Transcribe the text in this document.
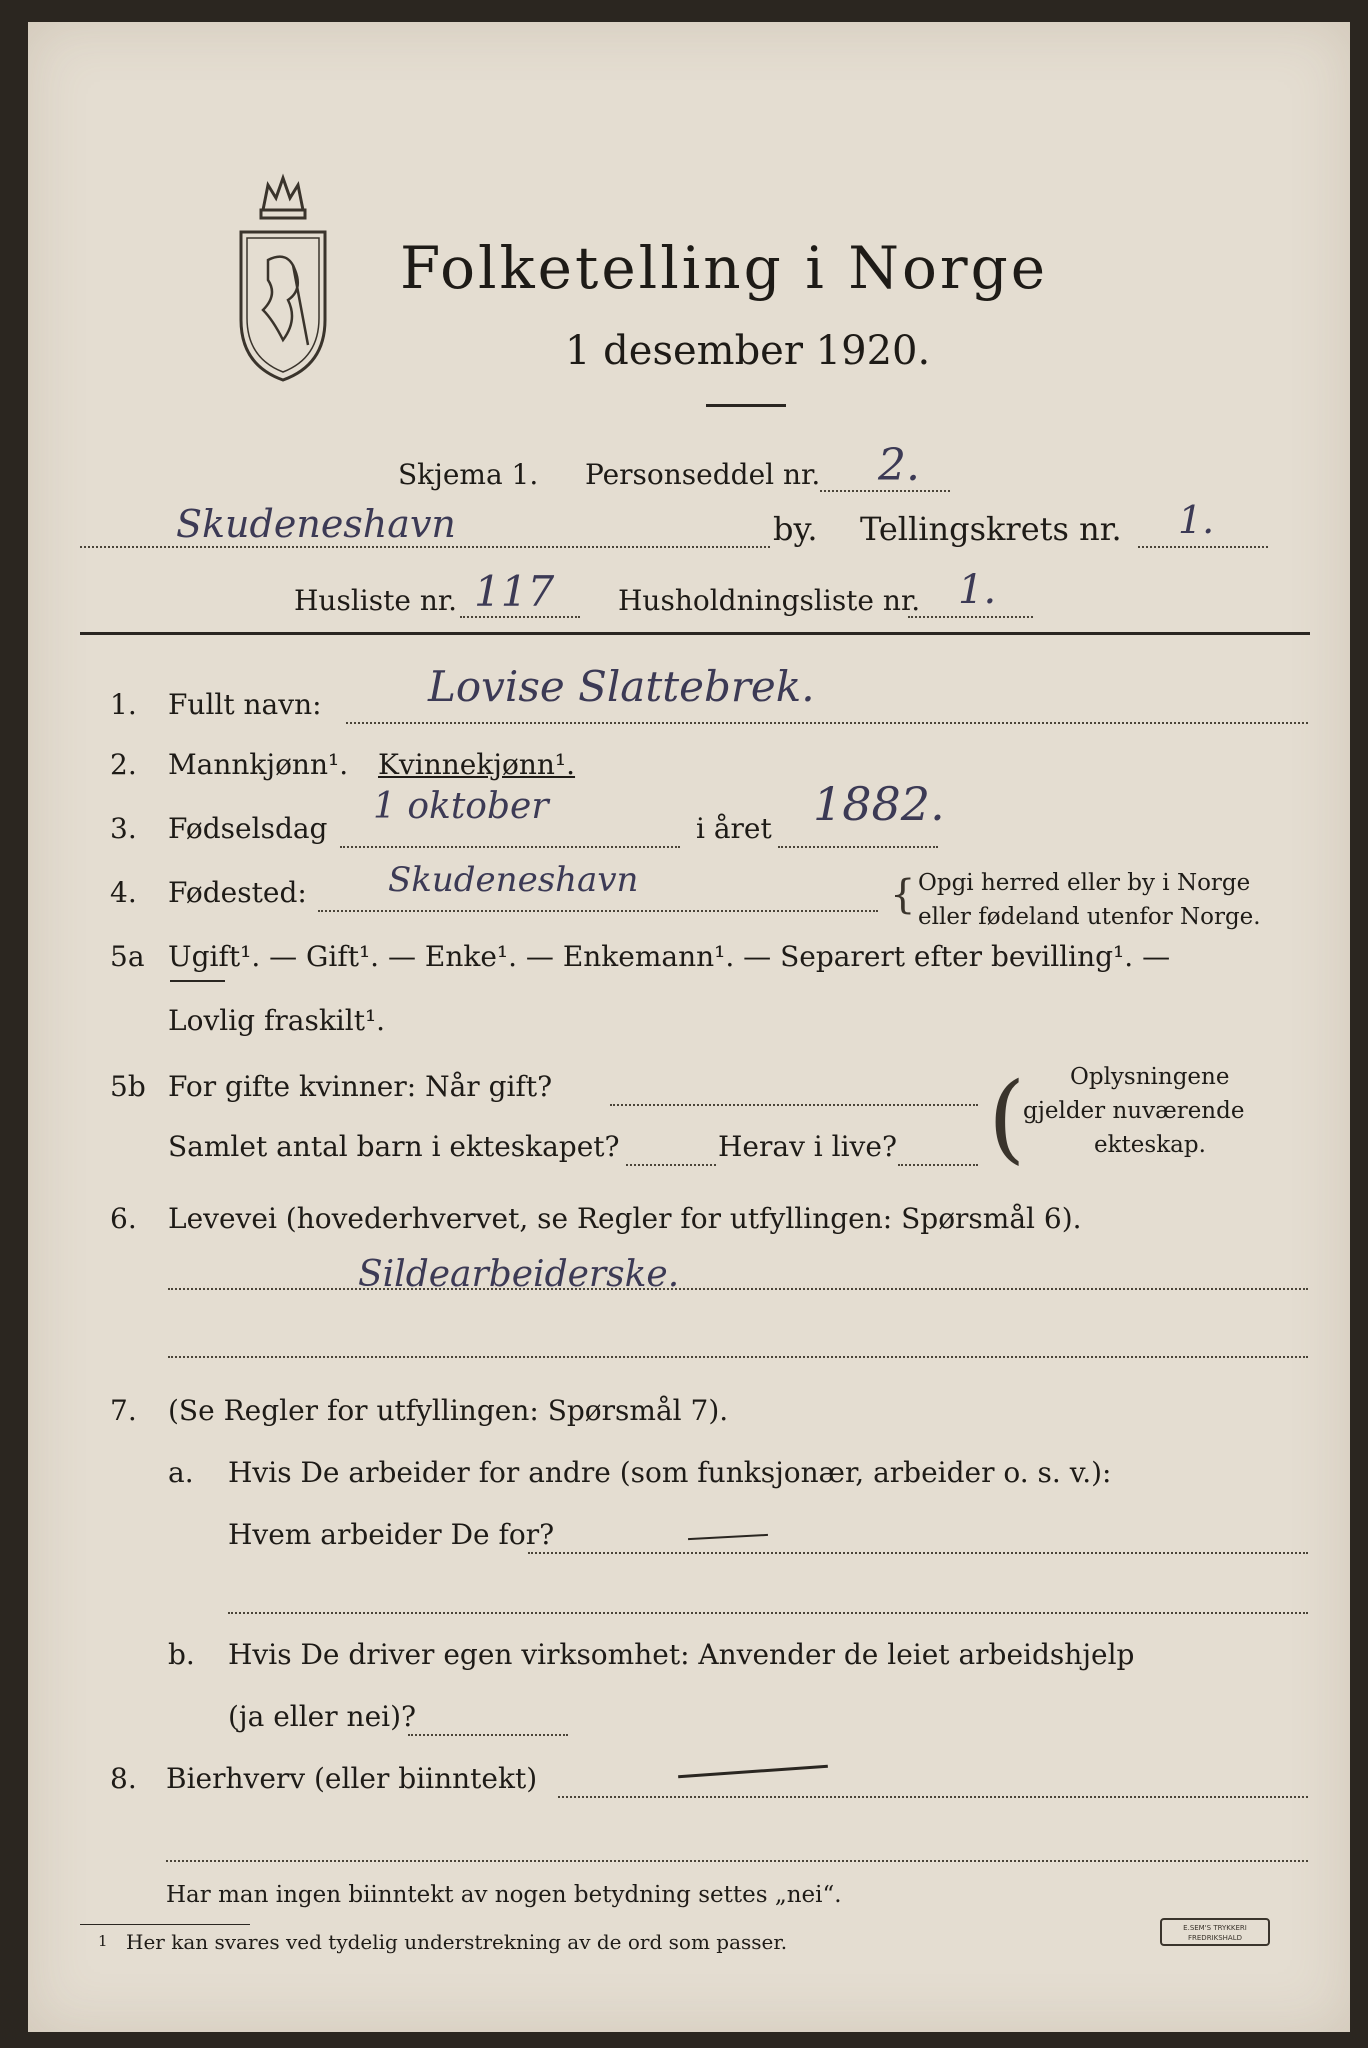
Folketelling i Norge
1 desember 1920.
Skjema 1. Personseddel nr. 2.
Skudeneshavn	by. Tellingskrets nr. 1.
Husliste nr. 117 Husholdningsliste nr. 1.
1. Fullt navn:	Lovise Slattebrek.
2. Mannkjønn¹. Kvinnekjønn¹.
3. Fødselsdag
1 oktober
i året 1882.
4. Fødested: Skudeneshavn	{ Opgi herred eller by i Norge
eller fødeland utenfor Norge.
5a Ugift¹. — Gift¹. — Enke¹. — Enkemann¹. — Separert efter bevilling¹. —
Lovlig fraskilt¹.
5b For gifte kvinner: Når gift?
Samlet antal barn i ekteskapet?	Herav i live? ( Oplysningene
gjelder nuværende
ekteskap.
6. Levevei (hovederhvervet, se Regler for utfyllingen: Spørsmål 6).
Sildearbeiderske.
7. (Se Regler for utfyllingen: Spørsmål 7).
a. Hvis De arbeider for andre (som funksjonær, arbeider o. s. v.):
Hvem arbeider De for?
b. Hvis De driver egen virksomhet: Anvender de leiet arbeidshjelp
(ja eller nei)?
8. Bierhverv (eller biinntekt)
Har man ingen biinntekt av nogen betydning settes „nei“.
1 Her kan svares ved tydelig understrekning av de ord som passer.
E.SEM'S TRYKKERI
FREDRIKSHALD
